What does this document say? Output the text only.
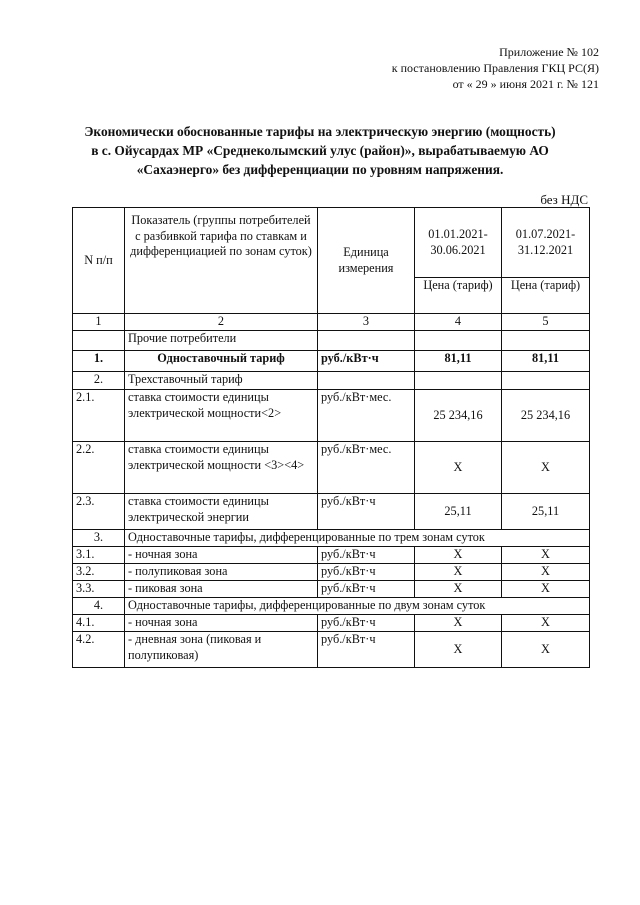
Приложение № 102
к постановлению Правления ГКЦ РС(Я)
от « 29 » июня 2021 г. № 121
Экономически обоснованные тарифы на электрическую энергию (мощность)
в с. Ойусардах МР «Среднеколымский улус (район)», вырабатываемую АО
«Сахаэнерго» без дифференциации по уровням напряжения.
без НДС
N п/п	Показатель (группы потребителей с разбивкой тарифа по ставкам и дифференциацией по зонам суток)	Единица измерения	01.01.2021-30.06.2021	01.07.2021-31.12.2021
			Цена (тариф)	Цена (тариф)
1	2	3	4	5
	Прочие потребители			
1.	Одноставочный тариф	руб./кВт·ч	81,11	81,11
2.	Трехставочный тариф			
2.1.	ставка стоимости единицы электрической мощности<2>	руб./кВт·мес.	25 234,16	25 234,16
2.2.	ставка стоимости единицы электрической мощности <3><4>	руб./кВт·мес.	Х	Х
2.3.	ставка стоимости единицы электрической энергии	руб./кВт·ч	25,11	25,11
3.	Одноставочные тарифы, дифференцированные по трем зонам суток			
3.1.	- ночная зона	руб./кВт·ч	Х	Х
3.2.	- полупиковая зона	руб./кВт·ч	Х	Х
3.3.	- пиковая зона	руб./кВт·ч	Х	Х
4.	Одноставочные тарифы, дифференцированные по двум зонам суток			
4.1.	- ночная зона	руб./кВт·ч	Х	Х
4.2.	- дневная зона (пиковая и полупиковая)	руб./кВт·ч	Х	Х
